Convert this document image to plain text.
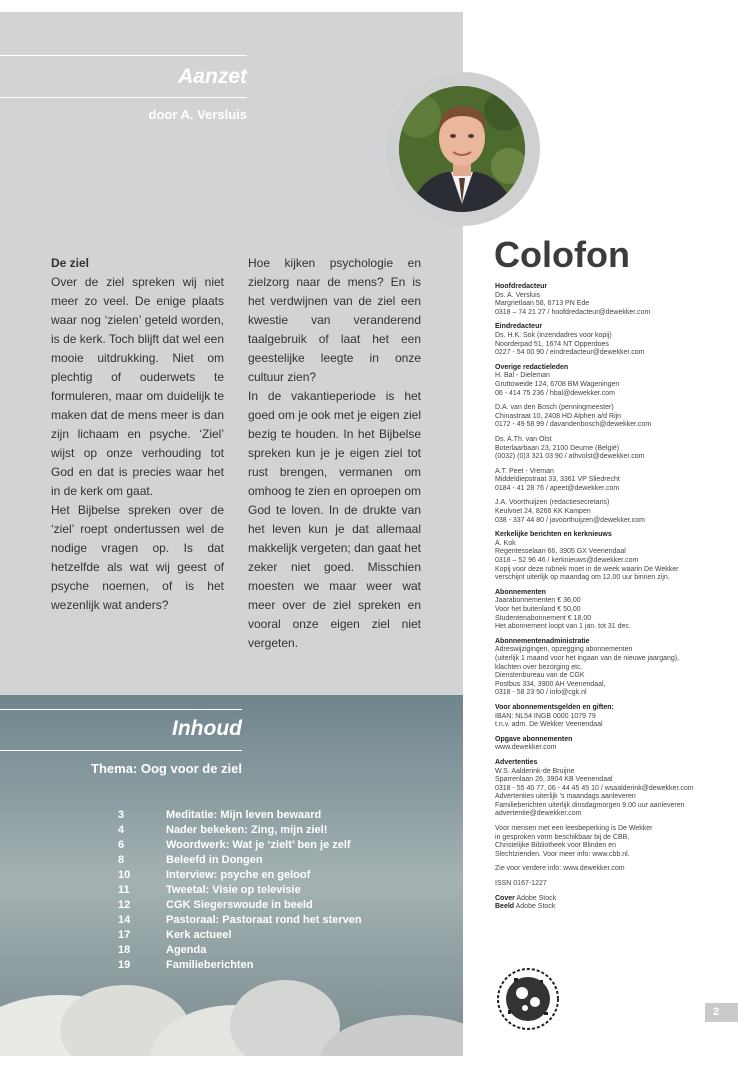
Aanzet
door A. Versluis

De ziel

Over de ziel spreken wij niet meer zo veel. De enige plaats waar nog ‘zielen’ geteld worden, is de kerk. Toch blijft dat wel een mooie uitdrukking. Niet om plechtig of ouderwets te formuleren, maar om duidelijk te maken dat de mens meer is dan zijn lichaam en psyche. ‘Ziel’ wijst op onze verhouding tot God en dat is precies waar het in de kerk om gaat.

Het Bijbelse spreken over de ‘ziel’ roept ondertussen wel de nodige vragen op. Is dat hetzelfde als wat wij geest of psyche noemen, of is het wezenlijk wat anders?

Hoe kijken psychologie en zielzorg naar de mens? En is het verdwijnen van de ziel een kwestie van veranderend taalgebruik of laat het een geestelijke leegte in onze cultuur zien?

In de vakantieperiode is het goed om je ook met je eigen ziel bezig te houden. In het Bijbelse spreken kun je je eigen ziel tot rust brengen, vermanen om omhoog te zien en oproepen om God te loven. In de drukte van het leven kun je dat allemaal makkelijk vergeten; dan gaat het zeker niet goed. Misschien moesten we maar weer wat meer over de ziel spreken en vooral onze eigen ziel niet vergeten.

Inhoud
Thema: Oog voor de ziel
3	Meditatie: Mijn leven bewaard
4	Nader bekeken: Zing, mijn ziel!
6	Woordwerk: Wat je ‘zielt’ ben je zelf
8	Beleefd in Dongen
10	Interview: psyche en geloof
11	Tweetal: Visie op televisie
12	CGK Siegerswoude in beeld
14	Pastoraal: Pastoraat rond het sterven
17	Kerk actueel
18	Agenda
19	Familieberichten
Colofon
Hoofdredacteur
Ds. A. Versluis
Margrietlaan 58, 6713 PN Ede
0318 – 74 21 27 / hoofdredacteur@dewekker.com
Eindredacteur
Ds. H.K. Sok (inzendadres voor kopij)
Noorderpad 51, 1674 NT Opperdoes
0227 - 54 00 90 / eindredacteur@dewekker.com
Overige redactieleden
H. Bal - Dieleman
Gruttoweide 124, 6708 BM Wageningen
06 - 414 75 236 / hbal@dewekker.com
D.A. van den Bosch (penningmeester)
Chinastraat 10, 2408 HD Alphen a/d Rijn
0172 - 49 58 99 / davandenbosch@dewekker.com
Ds. A.Th. van Olst
Boterlaarbaan 23, 2100 Deurne (België)
(0032) (0)3 321 03 90 / athvolst@dewekker.com
A.T. Peet - Vreman
Middeldiepstraat 33, 3361 VP Sliedrecht
0184 - 41 28 76 / apeet@dewekker.com
J.A. Voorthuijzen (redactiesecretaris)
Keulvoet 24, 8266 KK Kampen
038 - 337 44 80 / javoorthuijzen@dewekker.com
Kerkelijke berichten en kerknieuws
A. Kok
Regentesselaan 66, 3905 GX Veenendaal
0318 – 52 96 46 / kerknieuws@dewekker.com
Kopij voor deze rubriek moet in de week waarin De Wekker
verschijnt uiterlijk op maandag om 12.00 uur binnen zijn.
Abonnementen
Jaarabonnementen € 36,00
Voor het buitenland € 50,00
Studentenabonnement € 18,00
Het abonnement loopt van 1 jan. tot 31 dec.
Abonnementenadministratie
Adreswijzigingen, opzegging abonnementen
(uiterlijk 1 maand voor het ingaan van de nieuwe jaargang),
klachten over bezorging etc.
Dienstenbureau van de CGK
Postbus 334, 3900 AH Veenendaal,
0318 - 58 23 50 / info@cgk.nl
Voor abonnementsgelden en giften:
IBAN: NL54 INGB 0000 1079 79
t.n.v. adm. De Wekker Veenendaal
Opgave abonnementen
www.dewekker.com
Advertenties
W.S. Aalderink-de Bruijne
Sparrenlaan 26, 3904 KB Veenendaal
0318 - 55 40 77, 06 - 44 45 45 10 / wsaalderink@dewekker.com
Advertenties uiterlijk ’s maandags aanleveren
Familieberichten uiterlijk dinsdagmorgen 9.00 uur aanleveren
advertentie@dewekker.com
Voor mensen met een leesbeperking is De Wekker
in gesproken vorm beschikbaar bij de CBB,
Christelijke Bibliotheek voor Blinden en
Slechtzienden. Voor meer info: www.cbb.nl.
Zie voor verdere info: www.dewekker.com
ISSN 0167-1227
Cover Adobe Stock
Beeld Adobe Stock
2
